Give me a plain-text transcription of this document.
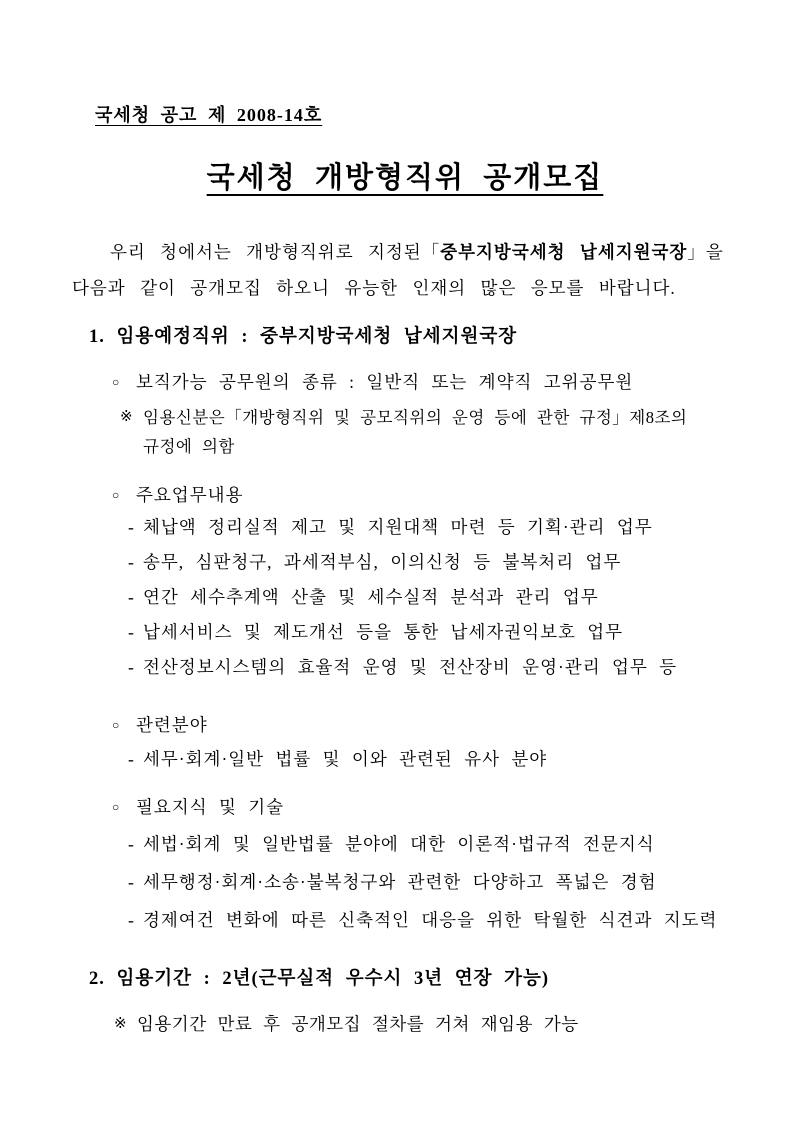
국세청 공고 제 2008-14호
국세청 개방형직위 공개모집
우리 청에서는 개방형직위로 지정된「중부지방국세청 납세지원국장」을
다음과 같이 공개모집 하오니 유능한 인재의 많은 응모를 바랍니다.
1. 임용예정직위 : 중부지방국세청 납세지원국장
○ 보직가능 공무원의 종류 : 일반직 또는 계약직 고위공무원
※ 임용신분은「개방형직위 및 공모직위의 운영 등에 관한 규정」제8조의
규정에 의함
○ 주요업무내용
- 체납액 정리실적 제고 및 지원대책 마련 등 기획·관리 업무
- 송무, 심판청구, 과세적부심, 이의신청 등 불복처리 업무
- 연간 세수추계액 산출 및 세수실적 분석과 관리 업무
- 납세서비스 및 제도개선 등을 통한 납세자권익보호 업무
- 전산정보시스템의 효율적 운영 및 전산장비 운영·관리 업무 등
○ 관련분야
- 세무·회계·일반 법률 및 이와 관련된 유사 분야
○ 필요지식 및 기술
- 세법·회계 및 일반법률 분야에 대한 이론적·법규적 전문지식
- 세무행정·회계·소송·불복청구와 관련한 다양하고 폭넓은 경험
- 경제여건 변화에 따른 신축적인 대응을 위한 탁월한 식견과 지도력
2. 임용기간 : 2년(근무실적 우수시 3년 연장 가능)
※ 임용기간 만료 후 공개모집 절차를 거쳐 재임용 가능
